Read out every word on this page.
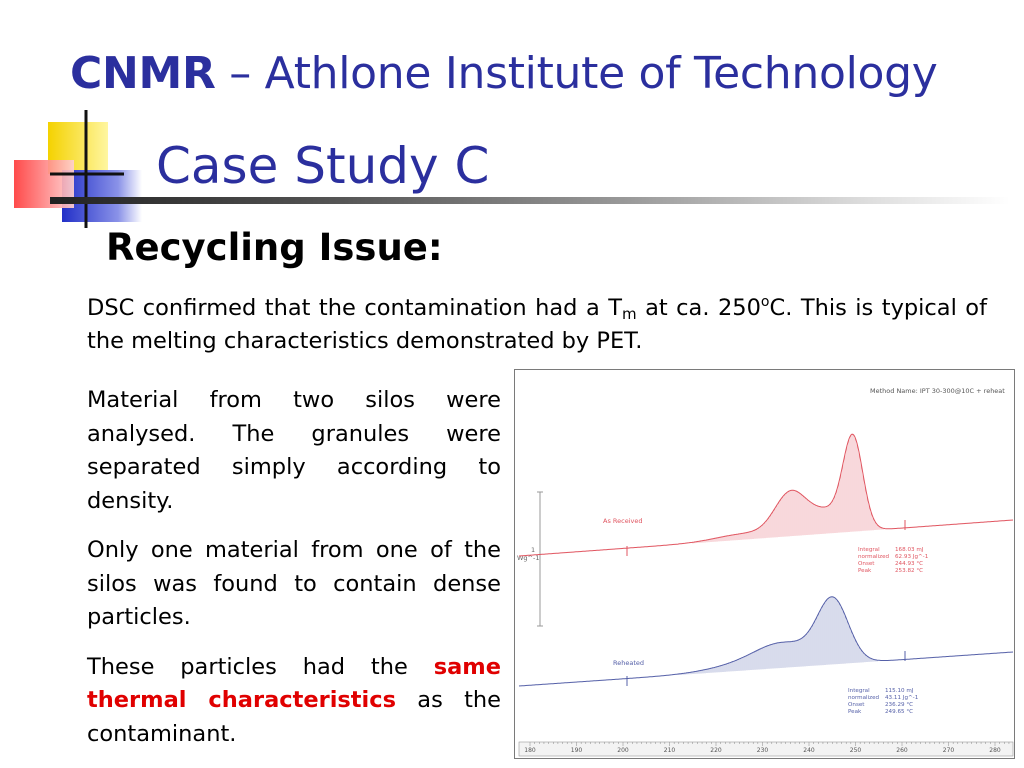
CNMR – Athlone Institute of Technology
Case Study C
Recycling Issue:
DSC confirmed that the contamination had a $T_m$ at ca. 250$^o$C. This is typical of the melting characteristics demonstrated by PET.

Material from two silos were analysed. The granules were separated simply according to density.

Only one material from one of the silos was found to contain dense particles.

These particles had the same thermal characteristics as the contaminant.

Method Name: IPT 30-300@10C + reheat
1
Wg^-1
As Received
Reheated
Integral	168.03 mJ
normalized 62.93 Jg^-1
Onset	244.93 °C
Peak	253.82 °C
Integral	115.10 mJ
normalized 43.11 Jg^-1
Onset	236.29 °C
Peak	249.65 °C
180	190	200	210	220	230	240	250	260	270	280
